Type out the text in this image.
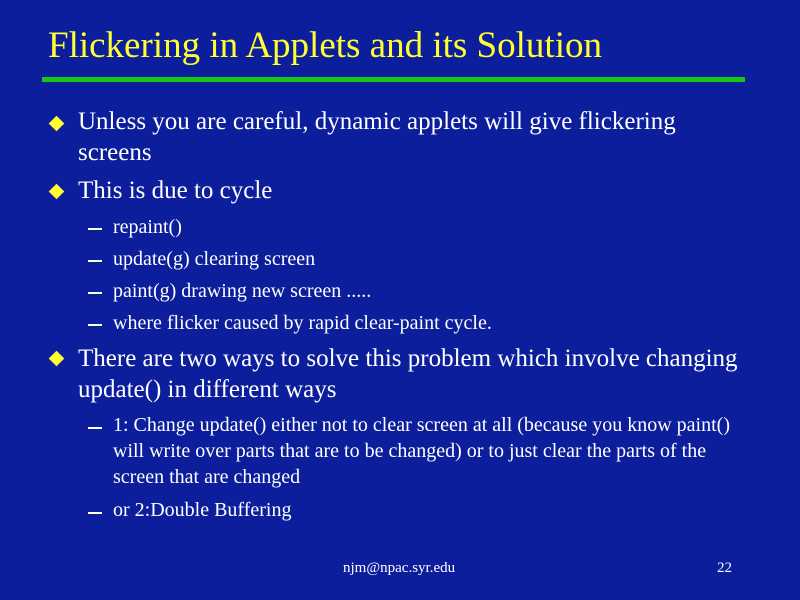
Flickering in Applets and its Solution
Unless you are careful, dynamic applets will give flickering screens
This is due to cycle
repaint()
update(g) clearing screen
paint(g) drawing new screen .....
where flicker caused by rapid clear-paint cycle.
There are two ways to solve this problem which involve changing update() in different ways
1: Change update() either not to clear screen at all (because you know paint() will write over parts that are to be changed) or to just clear the parts of the screen that are changed
or 2:Double Buffering
njm@npac.syr.edu	22
